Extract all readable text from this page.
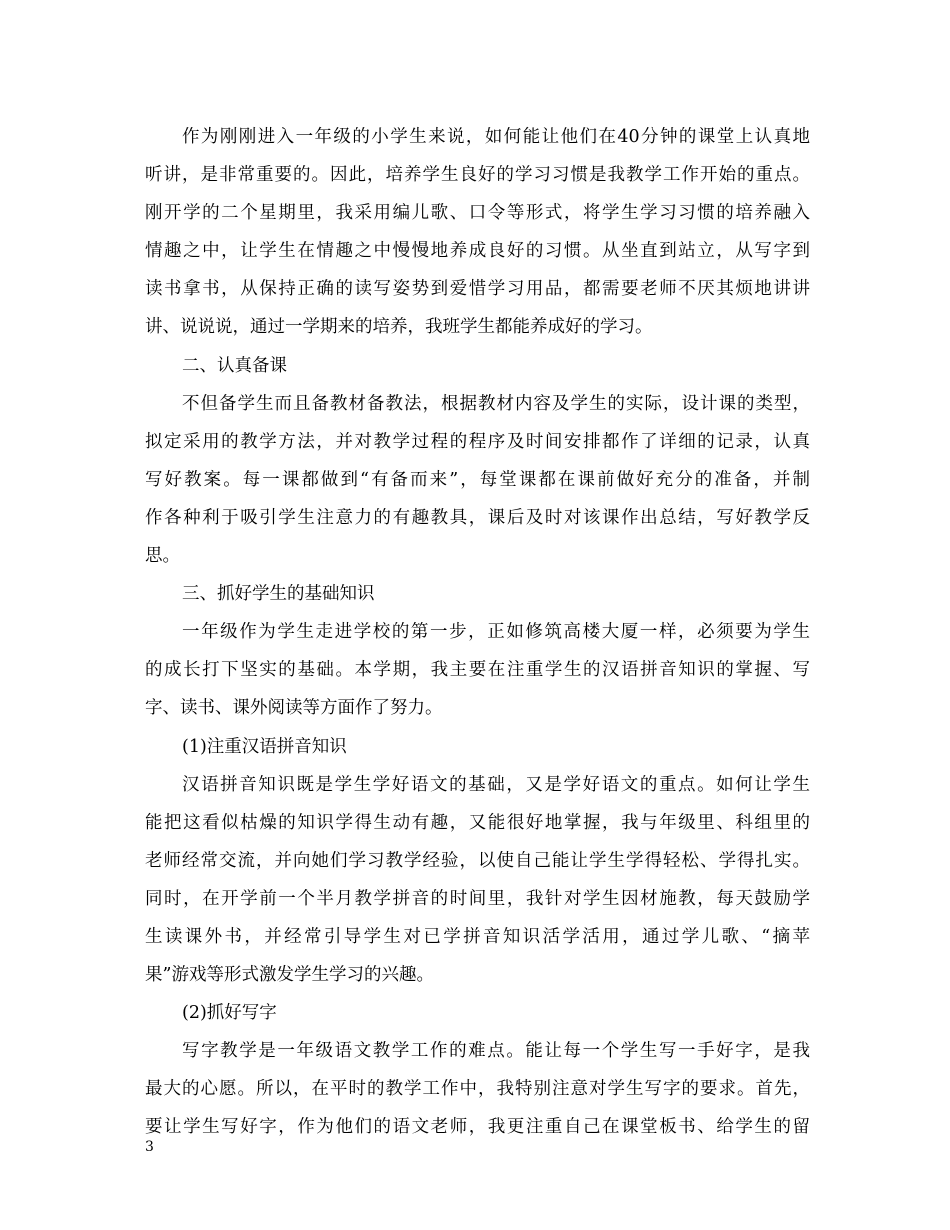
作为刚刚进入一年级的小学生来说，如何能让他们在40分钟的课堂上认真地
听讲，是非常重要的。因此，培养学生良好的学习习惯是我教学工作开始的重点。
刚开学的二个星期里，我采用编儿歌、口令等形式，将学生学习习惯的培养融入
情趣之中，让学生在情趣之中慢慢地养成良好的习惯。从坐直到站立，从写字到
读书拿书，从保持正确的读写姿势到爱惜学习用品，都需要老师不厌其烦地讲讲
讲、说说说，通过一学期来的培养，我班学生都能养成好的学习。
二、认真备课
不但备学生而且备教材备教法，根据教材内容及学生的实际，设计课的类型，
拟定采用的教学方法，并对教学过程的程序及时间安排都作了详细的记录，认真
写好教案。每一课都做到“有备而来”，每堂课都在课前做好充分的准备，并制
作各种利于吸引学生注意力的有趣教具，课后及时对该课作出总结，写好教学反
思。
三、抓好学生的基础知识
一年级作为学生走进学校的第一步，正如修筑高楼大厦一样，必须要为学生
的成长打下坚实的基础。本学期，我主要在注重学生的汉语拼音知识的掌握、写
字、读书、课外阅读等方面作了努力。
(1)注重汉语拼音知识
汉语拼音知识既是学生学好语文的基础，又是学好语文的重点。如何让学生
能把这看似枯燥的知识学得生动有趣，又能很好地掌握，我与年级里、科组里的
老师经常交流，并向她们学习教学经验，以使自己能让学生学得轻松、学得扎实。
同时，在开学前一个半月教学拼音的时间里，我针对学生因材施教，每天鼓励学
生读课外书，并经常引导学生对已学拼音知识活学活用，通过学儿歌、“摘苹
果”游戏等形式激发学生学习的兴趣。
(2)抓好写字
写字教学是一年级语文教学工作的难点。能让每一个学生写一手好字，是我
最大的心愿。所以，在平时的教学工作中，我特别注意对学生写字的要求。首先，
要让学生写好字，作为他们的语文老师，我更注重自己在课堂板书、给学生的留
3
